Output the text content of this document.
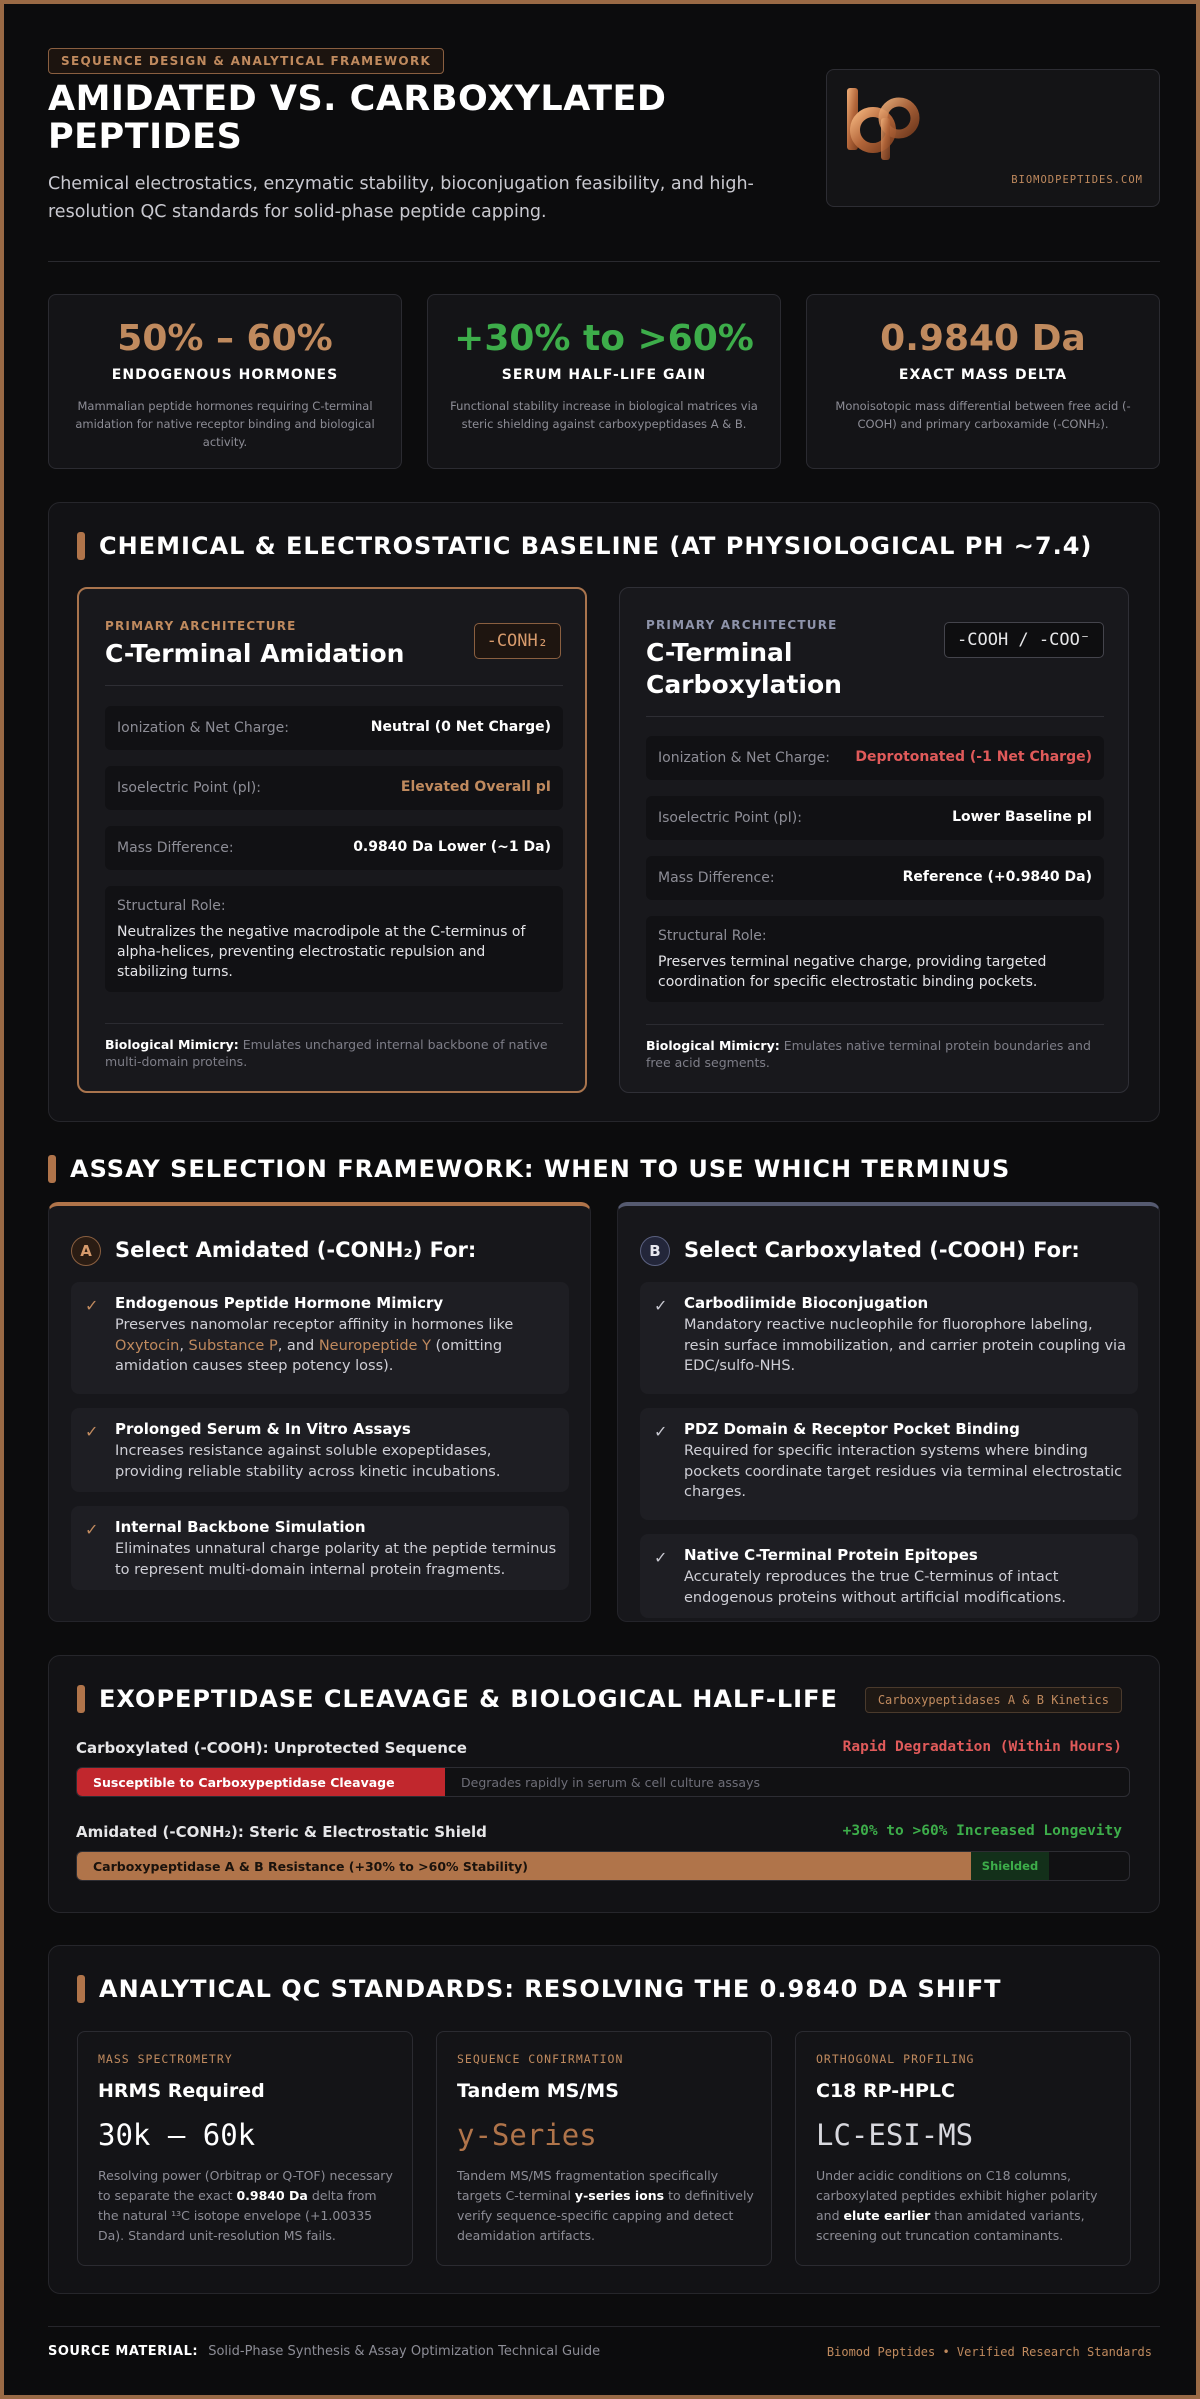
SEQUENCE DESIGN & ANALYTICAL FRAMEWORK
AMIDATED VS. CARBOXYLATED PEPTIDES
Chemical electrostatics, enzymatic stability, bioconjugation feasibility, and high-resolution QC standards for solid-phase peptide capping.
BIOMODPEPTIDES.COM
50% – 60%
ENDOGENOUS HORMONES
Mammalian peptide hormones requiring C-terminal amidation for native receptor binding and biological activity.
+30% to >60%
SERUM HALF-LIFE GAIN
Functional stability increase in biological matrices via steric shielding against carboxypeptidases A & B.
0.9840 Da
EXACT MASS DELTA
Monoisotopic mass differential between free acid (-COOH) and primary carboxamide (-CONH₂).
CHEMICAL & ELECTROSTATIC BASELINE (AT PHYSIOLOGICAL PH ~7.4)
PRIMARY ARCHITECTURE
C-Terminal Amidation	-CONH₂
Ionization & Net Charge:	Neutral (0 Net Charge)
Isoelectric Point (pI):	Elevated Overall pI
Mass Difference:	0.9840 Da Lower (~1 Da)
Structural Role:
Neutralizes the negative macrodipole at the C-terminus of alpha-helices, preventing electrostatic repulsion and stabilizing turns.
Biological Mimicry: Emulates uncharged internal backbone of native multi-domain proteins.
PRIMARY ARCHITECTURE
C-Terminal Carboxylation
-COOH / -COO⁻
Ionization & Net Charge: Deprotonated (-1 Net Charge)
Isoelectric Point (pI):	Lower Baseline pI
Mass Difference:	Reference (+0.9840 Da)
Structural Role:
Preserves terminal negative charge, providing targeted coordination for specific electrostatic binding pockets.
Biological Mimicry: Emulates native terminal protein boundaries and free acid segments.
ASSAY SELECTION FRAMEWORK: WHEN TO USE WHICH TERMINUS
A	Select Amidated (-CONH₂) For:
✓ Endogenous Peptide Hormone Mimicry
Preserves nanomolar receptor affinity in hormones like Oxytocin, Substance P, and Neuropeptide Y (omitting amidation causes steep potency loss).
✓ Prolonged Serum & In Vitro Assays
Increases resistance against soluble exopeptidases, providing reliable stability across kinetic incubations.
✓ Internal Backbone Simulation
Eliminates unnatural charge polarity at the peptide terminus to represent multi-domain internal protein fragments.
B	Select Carboxylated (-COOH) For:
✓ Carbodiimide Bioconjugation
Mandatory reactive nucleophile for fluorophore labeling, resin surface immobilization, and carrier protein coupling via EDC/sulfo-NHS.
✓ PDZ Domain & Receptor Pocket Binding
Required for specific interaction systems where binding pockets coordinate target residues via terminal electrostatic charges.
✓ Native C-Terminal Protein Epitopes
Accurately reproduces the true C-terminus of intact endogenous proteins without artificial modifications.
EXOPEPTIDASE CLEAVAGE & BIOLOGICAL HALF-LIFE	Carboxypeptidases A & B Kinetics
Carboxylated (-COOH): Unprotected Sequence	Rapid Degradation (Within Hours)
Susceptible to Carboxypeptidase Cleavage	Degrades rapidly in serum & cell culture assays
Amidated (-CONH₂): Steric & Electrostatic Shield	+30% to >60% Increased Longevity
Carboxypeptidase A & B Resistance (+30% to >60% Stability)	Shielded
ANALYTICAL QC STANDARDS: RESOLVING THE 0.9840 DA SHIFT
MASS SPECTROMETRY
HRMS Required
30k – 60k
Resolving power (Orbitrap or Q-TOF) necessary to separate the exact 0.9840 Da delta from the natural ¹³C isotope envelope (+1.00335 Da). Standard unit-resolution MS fails.
SEQUENCE CONFIRMATION
Tandem MS/MS
y-Series
Tandem MS/MS fragmentation specifically targets C-terminal y-series ions to definitively verify sequence-specific capping and detect deamidation artifacts.
ORTHOGONAL PROFILING
C18 RP-HPLC
LC-ESI-MS
Under acidic conditions on C18 columns, carboxylated peptides exhibit higher polarity and elute earlier than amidated variants, screening out truncation contaminants.
SOURCE MATERIAL: Solid-Phase Synthesis & Assay Optimization Technical Guide	Biomod Peptides • Verified Research Standards
